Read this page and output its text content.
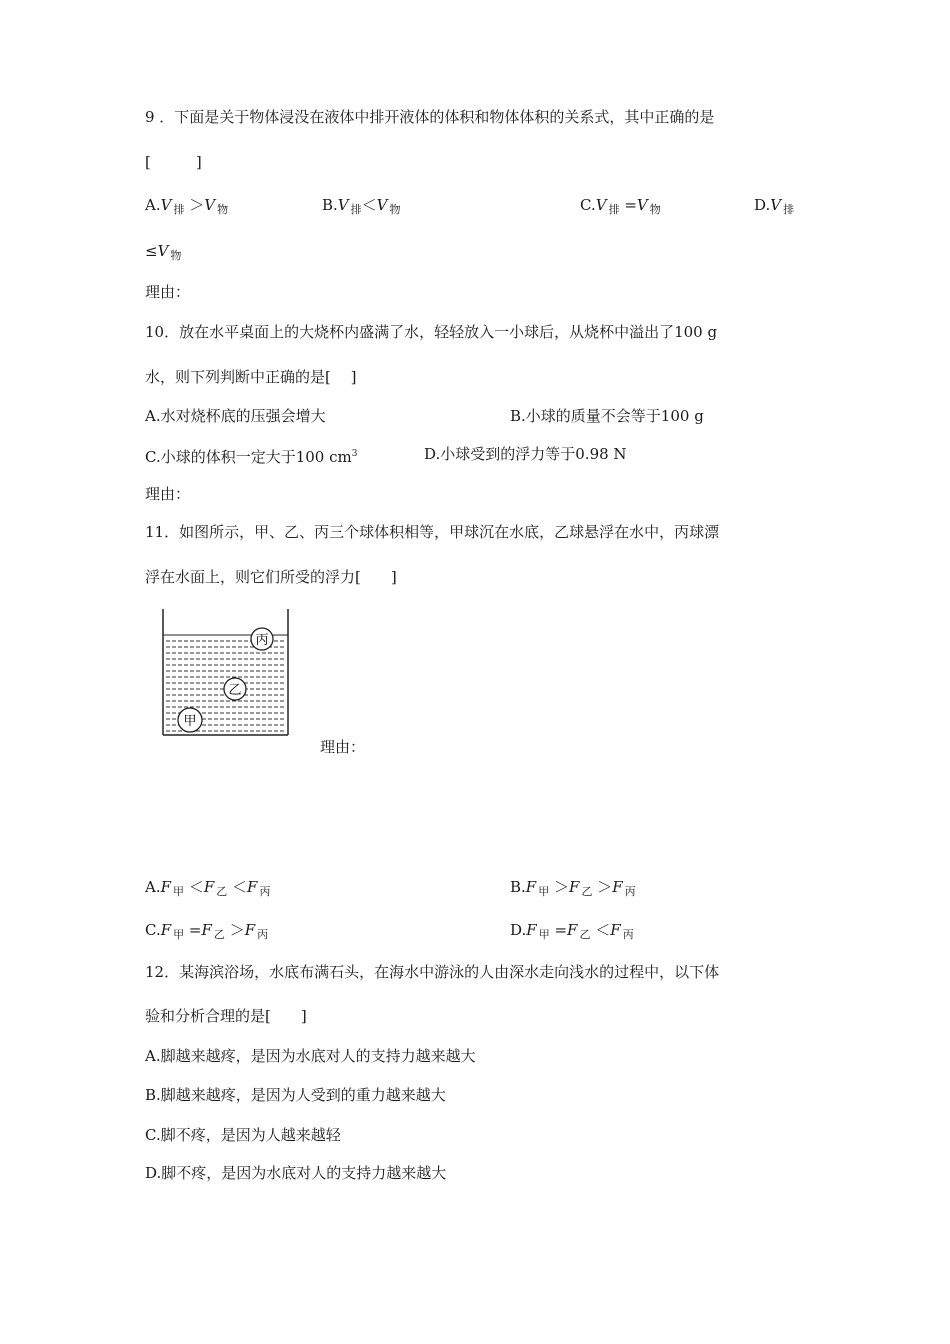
9 ．下面是关于物体浸没在液体中排开液体的体积和物体体积的关系式，其中正确的是
[　　　]
A.V $_排$ ＞V $_物$	B.V $_排$＜V $_物$	C.V $_排$ =V $_物$	D.V $_排$
≤V $_物$
理由：
10．放在水平桌面上的大烧杯内盛满了水，轻轻放入一小球后，从烧杯中溢出了100 g
水，则下列判断中正确的是[　 ]
A.水对烧杯底的压强会增大	B.小球的质量不会等于100 g
C.小球的体积一定大于100 $cm^3$	D.小球受到的浮力等于0.98 N
理由：
11．如图所示，甲、乙、丙三个球体积相等，甲球沉在水底，乙球悬浮在水中，丙球漂
浮在水面上，则它们所受的浮力[　　]
丙
乙
甲
理由：
A.F $_甲$ ＜F $_乙$ ＜F $_丙$	B.F $_甲$ ＞F $_乙$ ＞F $_丙$
C.F $_甲$ =F $_乙$ ＞F $_丙$	D.F $_甲$ =F $_乙$ ＜F $_丙$
12．某海滨浴场，水底布满石头，在海水中游泳的人由深水走向浅水的过程中，以下体
验和分析合理的是[　　]
A.脚越来越疼，是因为水底对人的支持力越来越大
B.脚越来越疼，是因为人受到的重力越来越大
C.脚不疼，是因为人越来越轻
D.脚不疼，是因为水底对人的支持力越来越大
